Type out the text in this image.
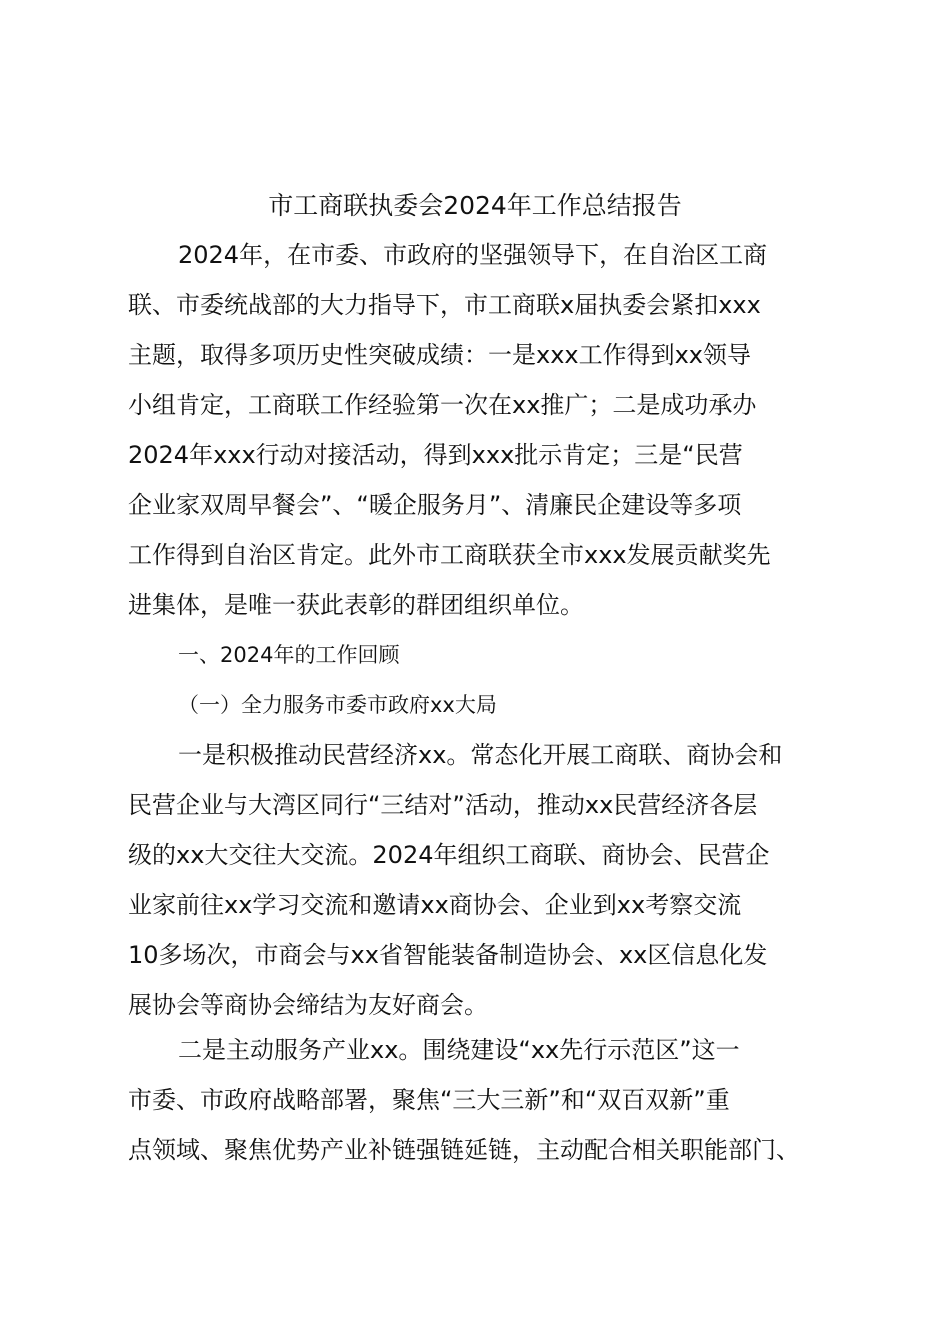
市工商联执委会2024年工作总结报告
2024年，在市委、市政府的坚强领导下，在自治区工商
联、市委统战部的大力指导下，市工商联x届执委会紧扣xxx
主题，取得多项历史性突破成绩：一是xxx工作得到xx领导
小组肯定，工商联工作经验第一次在xx推广；二是成功承办
2024年xxx行动对接活动，得到xxx批示肯定；三是“民营
企业家双周早餐会”、“暖企服务月”、清廉民企建设等多项
工作得到自治区肯定。此外市工商联获全市xxx发展贡献奖先
进集体，是唯一获此表彰的群团组织单位。
一、2024年的工作回顾
（一）全力服务市委市政府xx大局
一是积极推动民营经济xx。常态化开展工商联、商协会和
民营企业与大湾区同行“三结对”活动，推动xx民营经济各层
级的xx大交往大交流。2024年组织工商联、商协会、民营企
业家前往xx学习交流和邀请xx商协会、企业到xx考察交流
10多场次，市商会与xx省智能装备制造协会、xx区信息化发
展协会等商协会缔结为友好商会。
二是主动服务产业xx。围绕建设“xx先行示范区”这一
市委、市政府战略部署，聚焦“三大三新”和“双百双新”重
点领域、聚焦优势产业补链强链延链，主动配合相关职能部门、
